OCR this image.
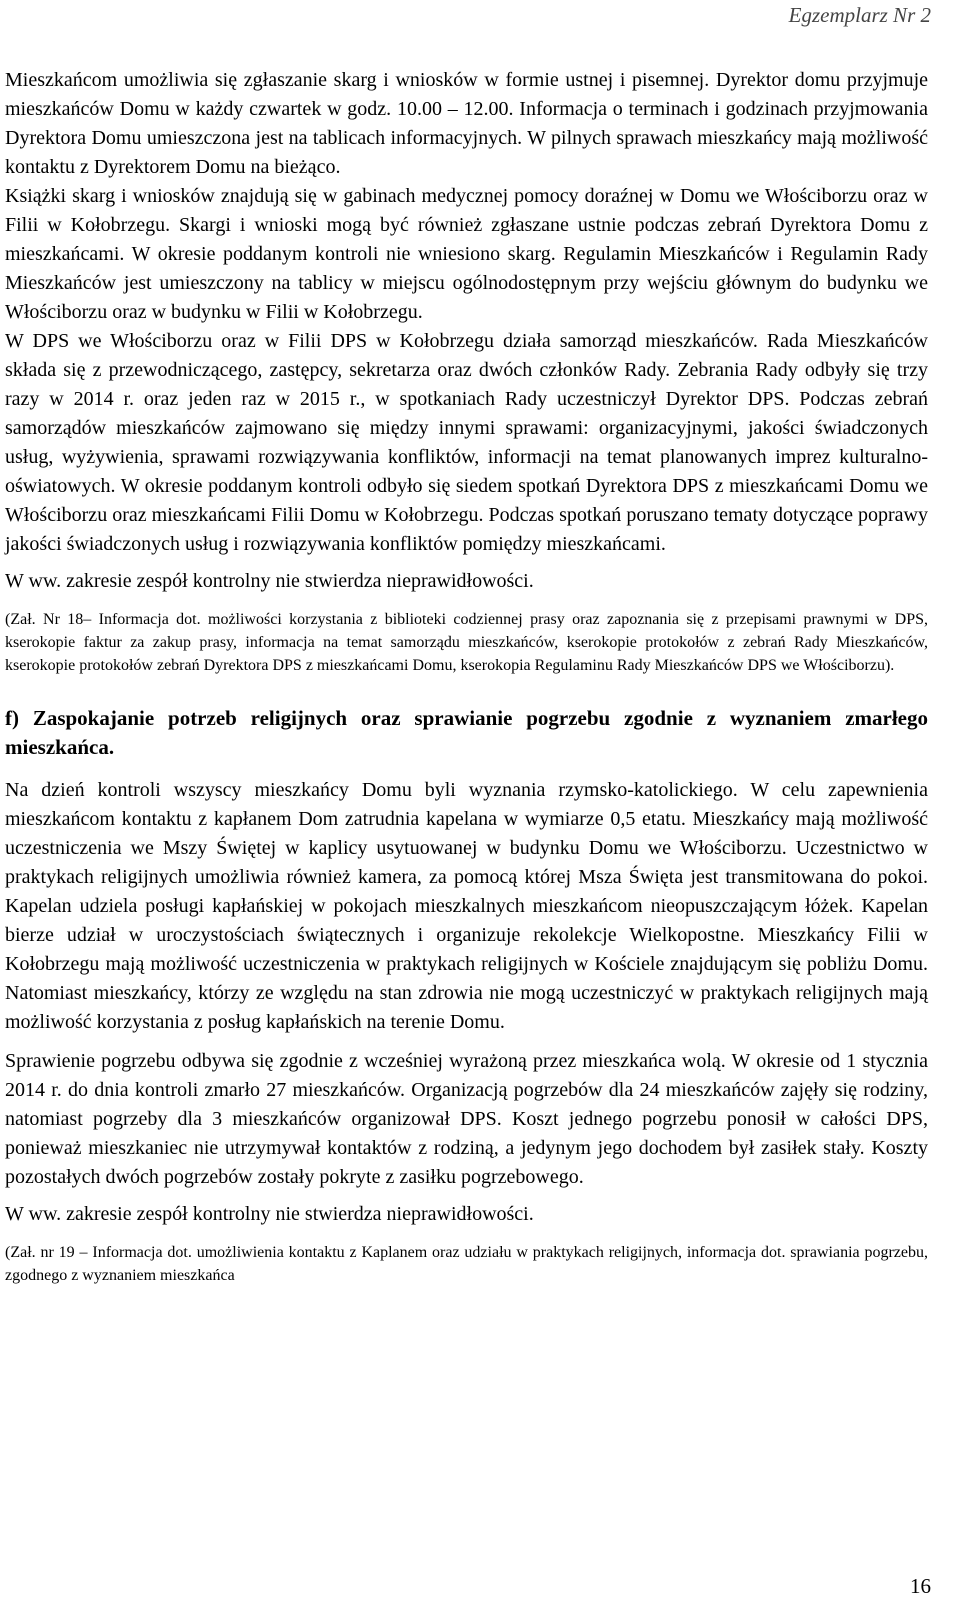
Egzemplarz Nr 2

Mieszkańcom umożliwia się zgłaszanie skarg i wniosków w formie ustnej i pisemnej. Dyrektor domu przyjmuje mieszkańców Domu w każdy czwartek w godz. 10.00 – 12.00. Informacja o terminach i godzinach przyjmowania Dyrektora Domu umieszczona jest na tablicach informacyjnych. W pilnych sprawach mieszkańcy mają możliwość kontaktu z Dyrektorem Domu na bieżąco.

Książki skarg i wniosków znajdują się w gabinach medycznej pomocy doraźnej w Domu we Włościborzu oraz w Filii w Kołobrzegu. Skargi i wnioski mogą być również zgłaszane ustnie podczas zebrań Dyrektora Domu z mieszkańcami. W okresie poddanym kontroli nie wniesiono skarg. Regulamin Mieszkańców i Regulamin Rady Mieszkańców jest umieszczony na tablicy w miejscu ogólnodostępnym przy wejściu głównym do budynku we Włościborzu oraz w budynku w Filii w Kołobrzegu.

W DPS we Włościborzu oraz w Filii DPS w Kołobrzegu działa samorząd mieszkańców. Rada Mieszkańców składa się z przewodniczącego, zastępcy, sekretarza oraz dwóch członków Rady. Zebrania Rady odbyły się trzy razy w 2014 r. oraz jeden raz w 2015 r., w spotkaniach Rady uczestniczył Dyrektor DPS. Podczas zebrań samorządów mieszkańców zajmowano się między innymi sprawami: organizacyjnymi, jakości świadczonych usług, wyżywienia, sprawami rozwiązywania konfliktów, informacji na temat planowanych imprez kulturalno-oświatowych. W okresie poddanym kontroli odbyło się siedem spotkań Dyrektora DPS z mieszkańcami Domu we Włościborzu oraz mieszkańcami Filii Domu w Kołobrzegu. Podczas spotkań poruszano tematy dotyczące poprawy jakości świadczonych usług i rozwiązywania konfliktów pomiędzy mieszkańcami.

W ww. zakresie zespół kontrolny nie stwierdza nieprawidłowości.

(Zał. Nr 18– Informacja dot. możliwości korzystania z biblioteki codziennej prasy oraz zapoznania się z przepisami prawnymi w DPS, kserokopie faktur za zakup prasy, informacja na temat samorządu mieszkańców, kserokopie protokołów z zebrań Rady Mieszkańców, kserokopie protokołów zebrań Dyrektora DPS z mieszkańcami Domu, kserokopia Regulaminu Rady Mieszkańców DPS we Włościborzu).

f) Zaspokajanie potrzeb religijnych oraz sprawianie pogrzebu zgodnie z wyznaniem zmarłego mieszkańca.

Na dzień kontroli wszyscy mieszkańcy Domu byli wyznania rzymsko-katolickiego. W celu zapewnienia mieszkańcom kontaktu z kapłanem Dom zatrudnia kapelana w wymiarze 0,5 etatu. Mieszkańcy mają możliwość uczestniczenia we Mszy Świętej w kaplicy usytuowanej w budynku Domu we Włościborzu. Uczestnictwo w praktykach religijnych umożliwia również kamera, za pomocą której Msza Święta jest transmitowana do pokoi. Kapelan udziela posługi kapłańskiej w pokojach mieszkalnych mieszkańcom nieopuszczającym łóżek. Kapelan bierze udział w uroczystościach świątecznych i organizuje rekolekcje Wielkopostne. Mieszkańcy Filii w Kołobrzegu mają możliwość uczestniczenia w praktykach religijnych w Kościele znajdującym się pobliżu Domu. Natomiast mieszkańcy, którzy ze względu na stan zdrowia nie mogą uczestniczyć w praktykach religijnych mają możliwość korzystania z posług kapłańskich na terenie Domu.

Sprawienie pogrzebu odbywa się zgodnie z wcześniej wyrażoną przez mieszkańca wolą. W okresie od 1 stycznia 2014 r. do dnia kontroli zmarło 27 mieszkańców. Organizacją pogrzebów dla 24 mieszkańców zajęły się rodziny, natomiast pogrzeby dla 3 mieszkańców organizował DPS. Koszt jednego pogrzebu ponosił w całości DPS, ponieważ mieszkaniec nie utrzymywał kontaktów z rodziną, a jedynym jego dochodem był zasiłek stały. Koszty pozostałych dwóch pogrzebów zostały pokryte z zasiłku pogrzebowego.

W ww. zakresie zespół kontrolny nie stwierdza nieprawidłowości.

(Zał. nr 19 – Informacja dot. umożliwienia kontaktu z Kaplanem oraz udziału w praktykach religijnych, informacja dot. sprawiania pogrzebu, zgodnego z wyznaniem mieszkańca

16
